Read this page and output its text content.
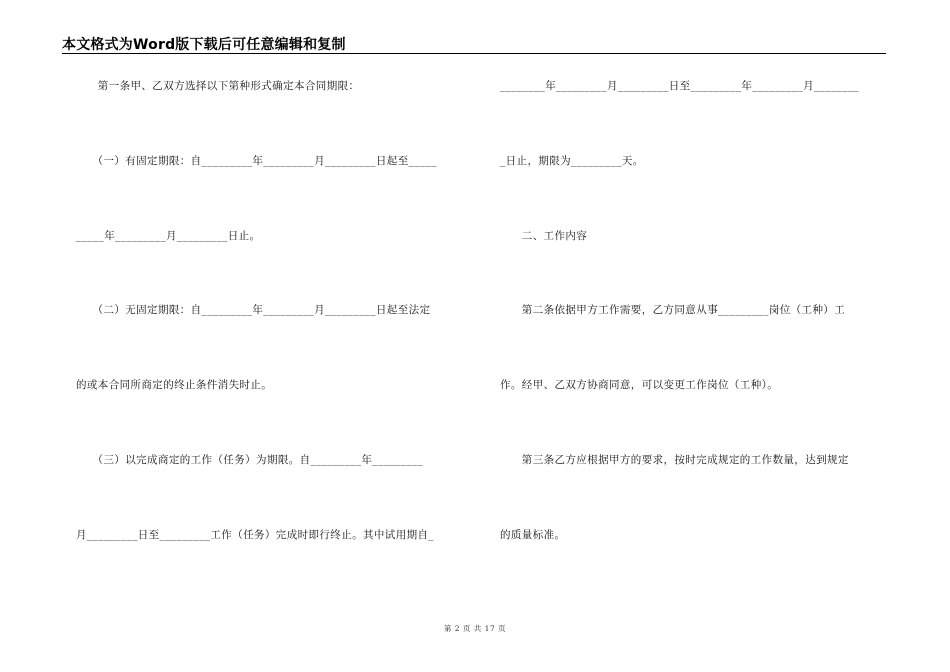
本文格式为Word版下载后可任意编辑和复制
　　第一条甲、乙双方选择以下第种形式确定本合同期限：
　　（一）有固定期限：自_________年_________月_________日起至_____
_____年_________月_________日止。
　　（二）无固定期限：自_________年_________月_________日起至法定
的或本合同所商定的终止条件消失时止。
　　（三）以完成商定的工作（任务）为期限。自_________年_________
月_________日至_________工作（任务）完成时即行终止。其中试用期自_
________年_________月_________日至_________年_________月________
_日止，期限为_________天。
　　二、工作内容
　　第二条依据甲方工作需要，乙方同意从事_________岗位（工种）工
作。经甲、乙双方协商同意，可以变更工作岗位（工种）。
　　第三条乙方应根据甲方的要求，按时完成规定的工作数量，达到规定
的质量标准。
第 2 页 共 17 页
